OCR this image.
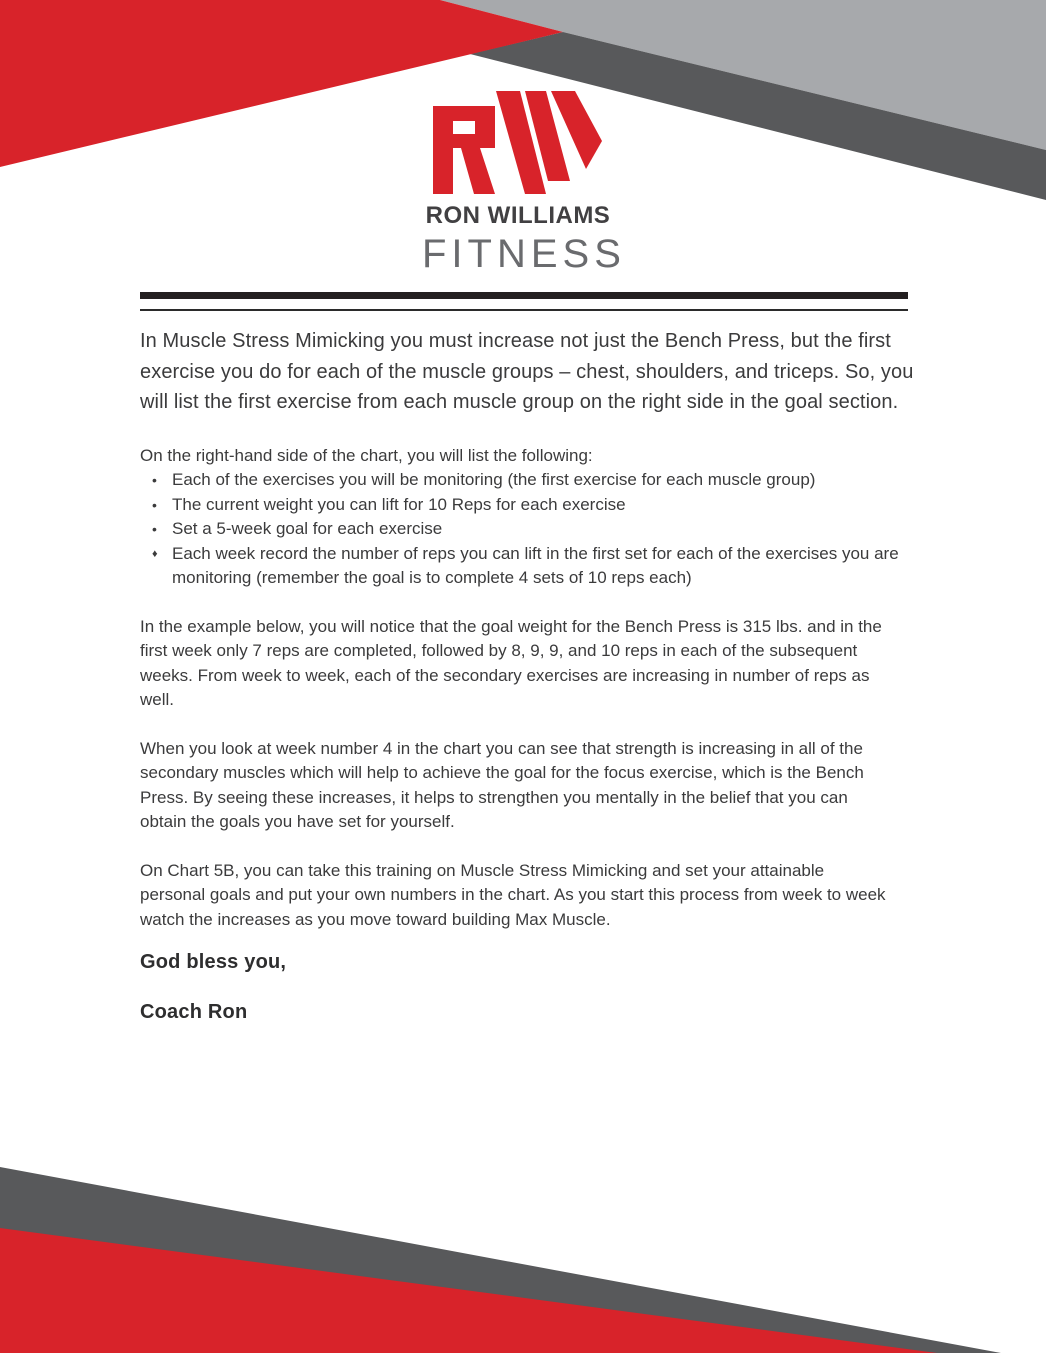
RON WILLIAMS
FITNESS

In Muscle Stress Mimicking you must increase not just the Bench Press, but the first exercise you do for each of the muscle groups – chest, shoulders, and triceps. So, you will list the first exercise from each muscle group on the right side in the goal section.

On the right-hand side of the chart, you will list the following:

• Each of the exercises you will be monitoring (the first exercise for each muscle group)
• The current weight you can lift for 10 Reps for each exercise
• Set a 5-week goal for each exercise
♦ Each week record the number of reps you can lift in the first set for each of the exercises you are monitoring (remember the goal is to complete 4 sets of 10 reps each)

In the example below, you will notice that the goal weight for the Bench Press is 315 lbs. and in the first week only 7 reps are completed, followed by 8, 9, 9, and 10 reps in each of the subsequent weeks. From week to week, each of the secondary exercises are increasing in number of reps as well.

When you look at week number 4 in the chart you can see that strength is increasing in all of the secondary muscles which will help to achieve the goal for the focus exercise, which is the Bench Press. By seeing these increases, it helps to strengthen you mentally in the belief that you can obtain the goals you have set for yourself.

On Chart 5B, you can take this training on Muscle Stress Mimicking and set your attainable personal goals and put your own numbers in the chart. As you start this process from week to week watch the increases as you move toward building Max Muscle.

God bless you,

Coach Ron
